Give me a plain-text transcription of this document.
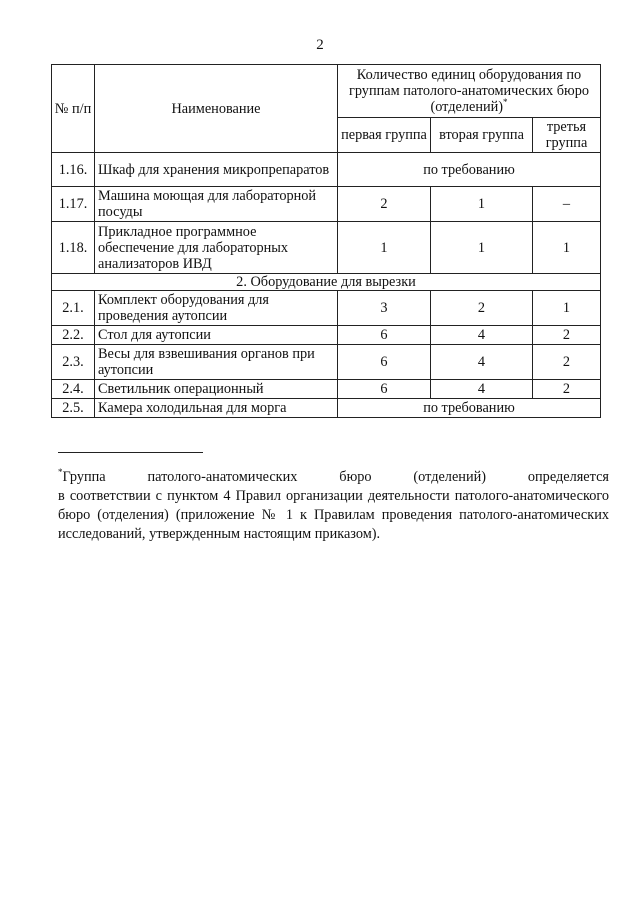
2
№ п/п	Наименование	Количество единиц оборудования по группам патолого-анатомических бюро (отделений)*
		первая группа	вторая группа	третья группа
1.16.	Шкаф для хранения микропрепаратов	по требованию		
1.17.	Машина моющая для лабораторной посуды	2	1	–
1.18.	Прикладное программное обеспечение для лабораторных анализаторов ИВД	1	1	1
2. Оборудование для вырезки				
2.1.	Комплект оборудования для проведения аутопсии	3	2	1
2.2.	Стол для аутопсии	6	4	2
2.3.	Весы для взвешивания органов при аутопсии	6	4	2
2.4.	Светильник операционный	6	4	2
2.5.	Камера холодильная для морга	по требованию		
*Группа патолого-анатомических бюро (отделений) определяется
в соответствии с пунктом 4 Правил организации деятельности патолого-анатомического бюро (отделения) (приложение № 1 к Правилам проведения патолого-анатомических исследований, утвержденным настоящим приказом).
